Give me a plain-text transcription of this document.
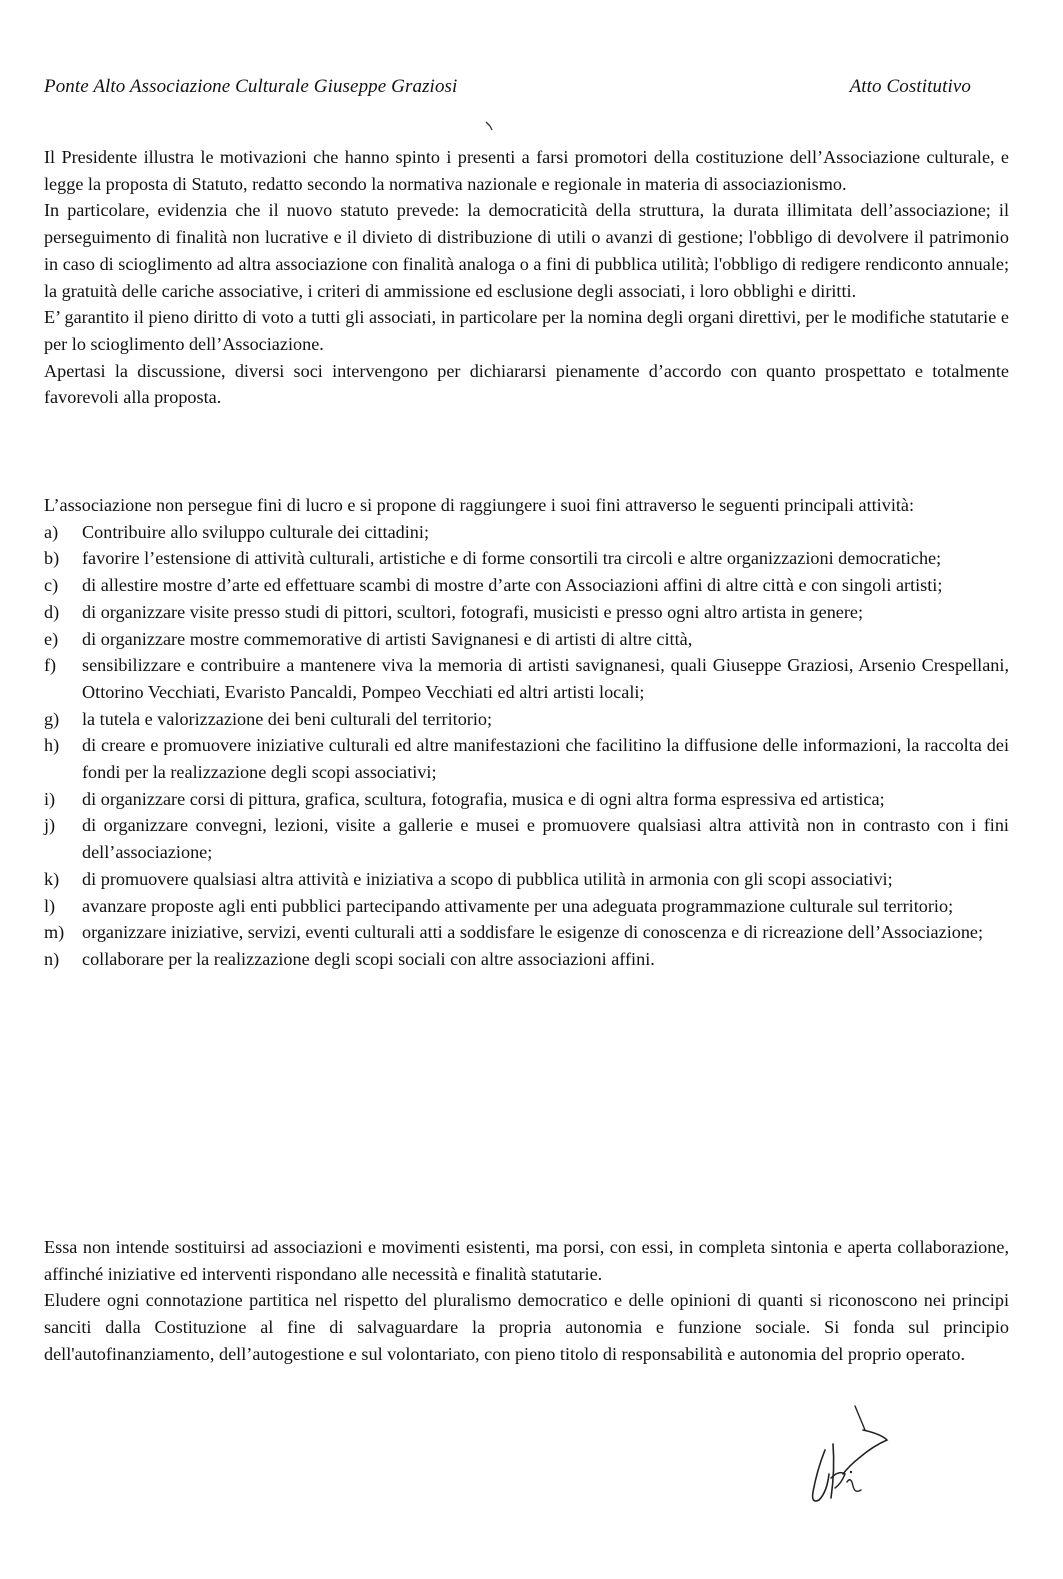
Ponte Alto Associazione Culturale Giuseppe Graziosi	Atto Costitutivo

Il Presidente illustra le motivazioni che hanno spinto i presenti a farsi promotori della costituzione dell’Associazione culturale, e legge la proposta di Statuto, redatto secondo la normativa nazionale e regionale in materia di associazionismo.

In particolare, evidenzia che il nuovo statuto prevede: la democraticità della struttura, la durata illimitata dell’associazione; il perseguimento di finalità non lucrative e il divieto di distribuzione di utili o avanzi di gestione; l'obbligo di devolvere il patrimonio in caso di scioglimento ad altra associazione con finalità analoga o a fini di pubblica utilità; l'obbligo di redigere rendiconto annuale; la gratuità delle cariche associative, i criteri di ammissione ed esclusione degli associati, i loro obblighi e diritti.

E’ garantito il pieno diritto di voto a tutti gli associati, in particolare per la nomina degli organi direttivi, per le modifiche statutarie e per lo scioglimento dell’Associazione.

Apertasi la discussione, diversi soci intervengono per dichiararsi pienamente d’accordo con quanto prospettato e totalmente favorevoli alla proposta.

L’associazione non persegue fini di lucro e si propone di raggiungere i suoi fini attraverso le seguenti principali attività:

a) Contribuire allo sviluppo culturale dei cittadini;
b) favorire l’estensione di attività culturali, artistiche e di forme consortili tra circoli e altre organizzazioni democratiche;
c) di allestire mostre d’arte ed effettuare scambi di mostre d’arte con Associazioni affini di altre città e con singoli artisti;
d) di organizzare visite presso studi di pittori, scultori, fotografi, musicisti e presso ogni altro artista in genere;
e) di organizzare mostre commemorative di artisti Savignanesi e di artisti di altre città,
f) sensibilizzare e contribuire a mantenere viva la memoria di artisti savignanesi, quali Giuseppe Graziosi, Arsenio Crespellani, Ottorino Vecchiati, Evaristo Pancaldi, Pompeo Vecchiati ed altri artisti locali;
g) la tutela e valorizzazione dei beni culturali del territorio;
h) di creare e promuovere iniziative culturali ed altre manifestazioni che facilitino la diffusione delle informazioni, la raccolta dei fondi per la realizzazione degli scopi associativi;
i) di organizzare corsi di pittura, grafica, scultura, fotografia, musica e di ogni altra forma espressiva ed artistica;
j) di organizzare convegni, lezioni, visite a gallerie e musei e promuovere qualsiasi altra attività non in contrasto con i fini dell’associazione;
k) di promuovere qualsiasi altra attività e iniziativa a scopo di pubblica utilità in armonia con gli scopi associativi;
l) avanzare proposte agli enti pubblici partecipando attivamente per una adeguata programmazione culturale sul territorio;
m) organizzare iniziative, servizi, eventi culturali atti a soddisfare le esigenze di conoscenza e di ricreazione dell’Associazione;
n) collaborare per la realizzazione degli scopi sociali con altre associazioni affini.

Essa non intende sostituirsi ad associazioni e movimenti esistenti, ma porsi, con essi, in completa sintonia e aperta collaborazione, affinché iniziative ed interventi rispondano alle necessità e finalità statutarie.

Eludere ogni connotazione partitica nel rispetto del pluralismo democratico e delle opinioni di quanti si riconoscono nei principi sanciti dalla Costituzione al fine di salvaguardare la propria autonomia e funzione sociale. Si fonda sul principio dell'autofinanziamento, dell’autogestione e sul volontariato, con pieno titolo di responsabilità e autonomia del proprio operato.
